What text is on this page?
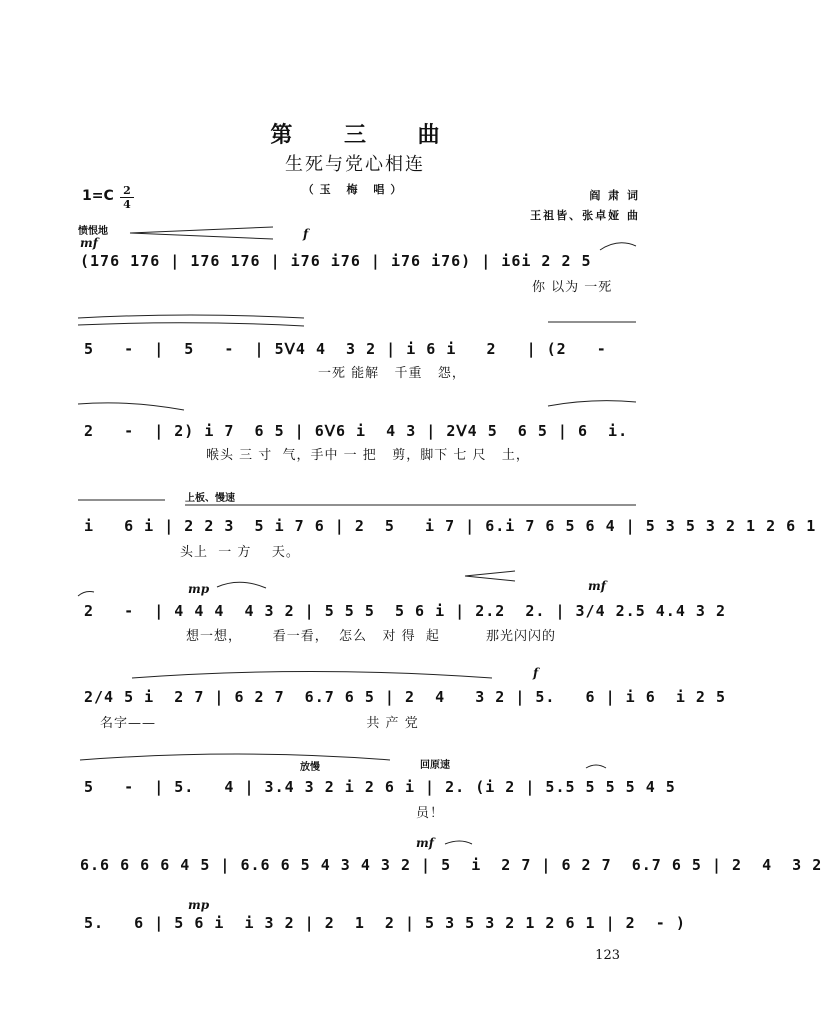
第 三 曲
生死与党心相连
（玉 梅 唱）
1=C 2
4
阎 肃 词
王祖皆、张卓娅 曲
愤恨地
mf
f
上板、慢速
mp	mf
f
放慢	回原速
mf
mp
(176 176 | 176 176 | i76 i76 | i76 i76) | i6i 2 2 5
你 以为 一死
5   -  |  5   -  | 5ᐯ4 4  3 2 | i 6 i   2   | (2   -
一死 能解   千重   怨，
2   -  | 2) i 7  6 5 | 6ᐯ6 i  4 3 | 2ᐯ4 5  6 5 | 6  i.
喉头 三 寸  气，手中 一 把   剪，脚下 七 尺   土，
i   6 i | 2 2 3  5 i 7 6 | 2  5   i 7 | 6.i 7 6 5 6 4 | 5 3 5 3 2 1 2 6 1
头上  一 方    天。
2   -  | 4 4 4  4 3 2 | 5 5 5  5 6 i | 2.2  2. | 3/4 2.5 4.4 3 2
想一想，      看一看，  怎么   对 得  起         那光闪闪的
2/4 5 i  2 7 | 6 2 7  6.7 6 5 | 2  4   3 2 | 5.   6 | i 6  i 2 5
名字——                                         共 产 党
5   -  | 5.   4 | 3.4 3 2 i 2 6 i | 2. (i 2 | 5.5 5 5 5 4 5
员！
6.6 6 6 6 4 5 | 6.6 6 5 4 3 4 3 2 | 5  i  2 7 | 6 2 7  6.7 6 5 | 2  4  3 2
5.   6 | 5 6 i  i 3 2 | 2  1  2 | 5 3 5 3 2 1 2 6 1 | 2  - )
123
